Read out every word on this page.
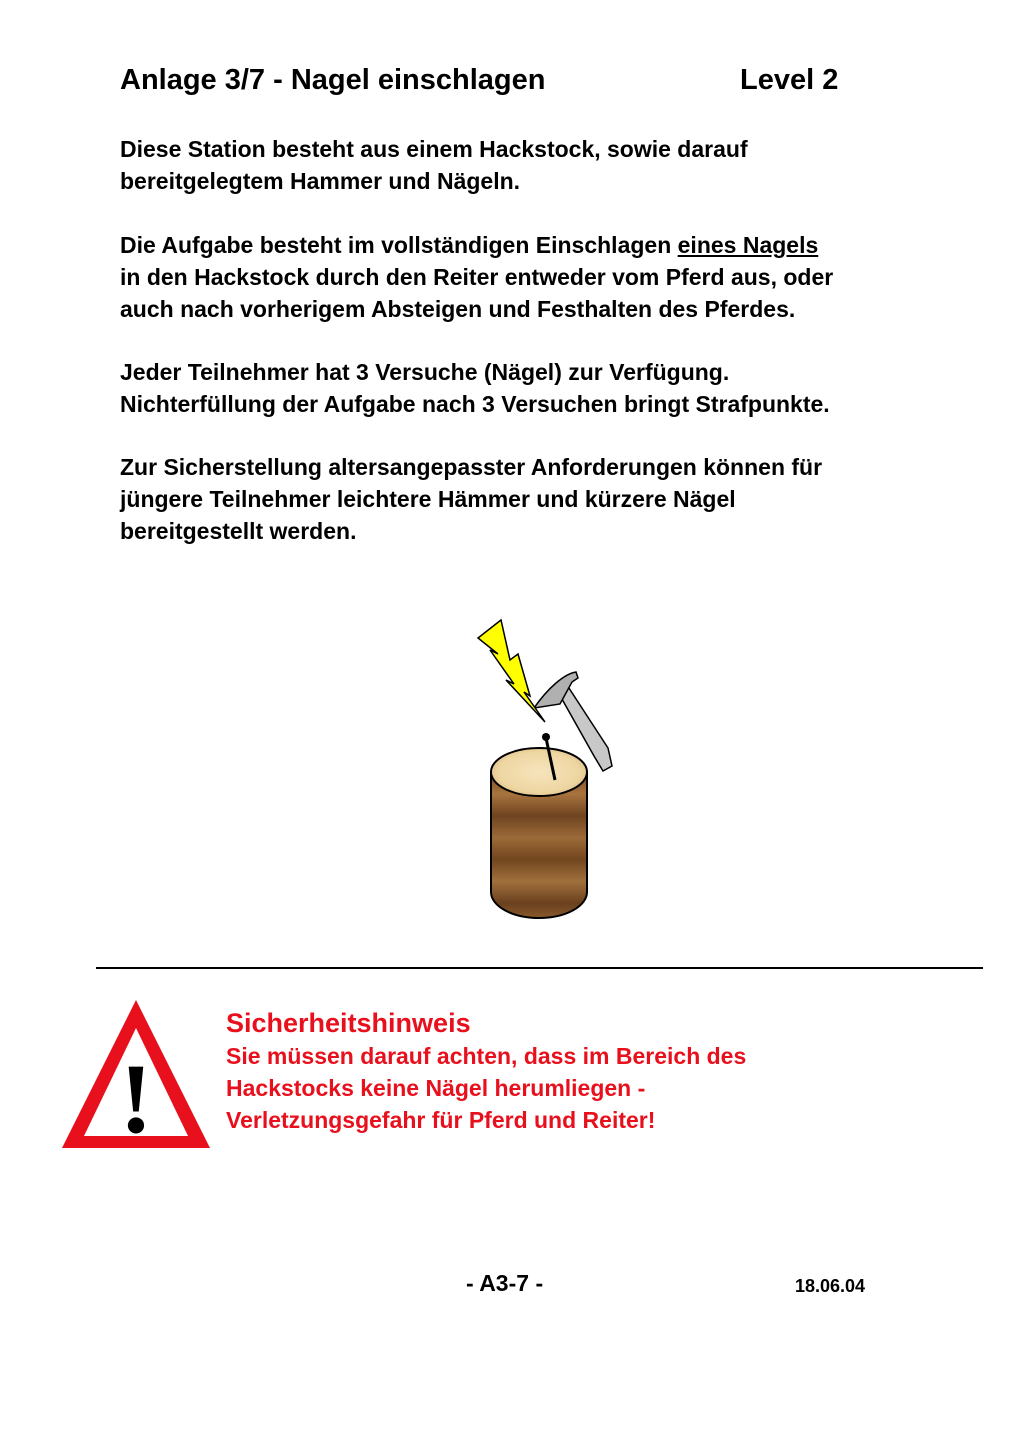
Anlage 3/7 - Nagel einschlagen	Level 2
Diese Station besteht aus einem Hackstock, sowie darauf
bereitgelegtem Hammer und Nägeln.
Die Aufgabe besteht im vollständigen Einschlagen eines Nagels
in den Hackstock durch den Reiter entweder vom Pferd aus, oder
auch nach vorherigem Absteigen und Festhalten des Pferdes.
Jeder Teilnehmer hat 3 Versuche (Nägel) zur Verfügung.
Nichterfüllung der Aufgabe nach 3 Versuchen bringt Strafpunkte.
Zur Sicherstellung altersangepasster Anforderungen können für
jüngere Teilnehmer leichtere Hämmer und kürzere Nägel
bereitgestellt werden.
!
Sicherheitshinweis
Sie müssen darauf achten, dass im Bereich des
Hackstocks keine Nägel herumliegen -
Verletzungsgefahr für Pferd und Reiter!
- A3-7 -	18.06.04
